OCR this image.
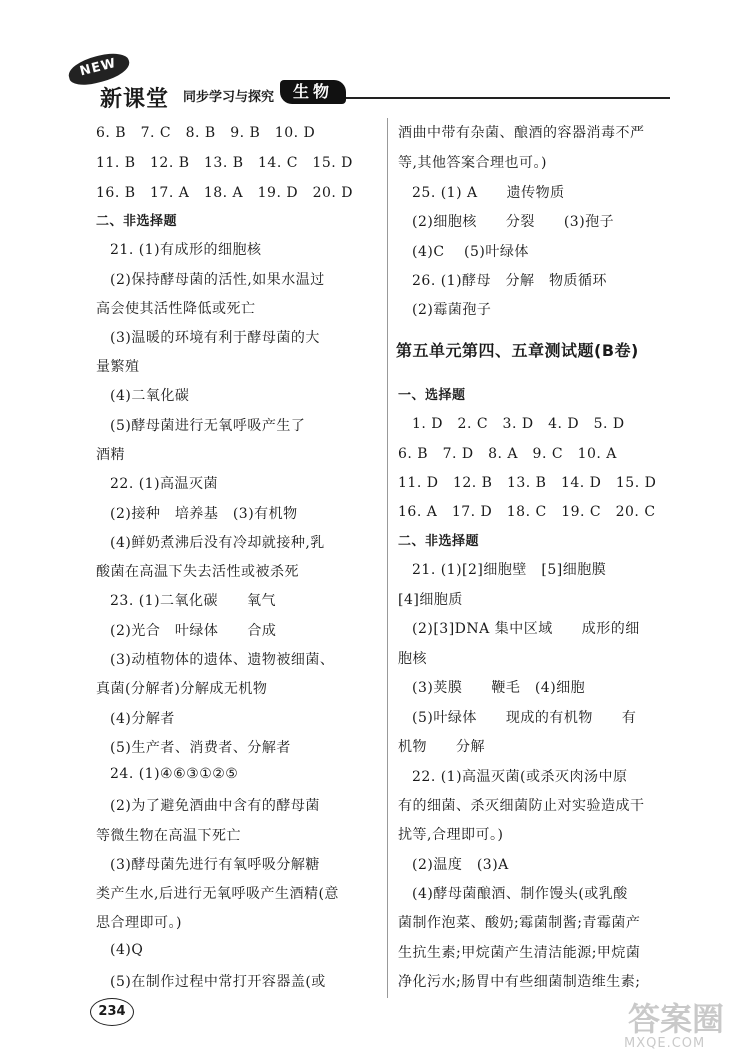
NEW
新课堂 同步学习与探究	生物
6. B　7. C　8. B　9. B　10. D
11. B　12. B　13. B　14. C　15. D
16. B　17. A　18. A　19. D　20. D
二、非选择题
21. (1)有成形的细胞核
(2)保持酵母菌的活性,如果水温过
高会使其活性降低或死亡
(3)温暖的环境有利于酵母菌的大
量繁殖
(4)二氧化碳
(5)酵母菌进行无氧呼吸产生了
酒精
22. (1)高温灭菌
(2)接种　培养基　(3)有机物
(4)鲜奶煮沸后没有冷却就接种,乳
酸菌在高温下失去活性或被杀死
23. (1)二氧化碳　　氧气
(2)光合　叶绿体　　合成
(3)动植物体的遗体、遗物被细菌、
真菌(分解者)分解成无机物
(4)分解者
(5)生产者、消费者、分解者
24. (1)④⑥③①②⑤
(2)为了避免酒曲中含有的酵母菌
等微生物在高温下死亡
(3)酵母菌先进行有氧呼吸分解糖
类产生水,后进行无氧呼吸产生酒精(意
思合理即可。)
(4)Q
(5)在制作过程中常打开容器盖(或
酒曲中带有杂菌、酿酒的容器消毒不严
等,其他答案合理也可。)
25. (1) A　　遗传物质
(2)细胞核　　分裂　　(3)孢子
(4)C　 (5)叶绿体
26. (1)酵母　分解　物质循环
(2)霉菌孢子
第五单元第四、五章测试题(B卷)
一、选择题
1. D　2. C　3. D　4. D　5. D
6. B　7. D　8. A　9. C　10. A
11. D　12. B　13. B　14. D　15. D
16. A　17. D　18. C　19. C　20. C
二、非选择题
21. (1)[2]细胞壁　[5]细胞膜
[4]细胞质
(2)[3]DNA 集中区域　　成形的细
胞核
(3)荚膜　　鞭毛　(4)细胞
(5)叶绿体　　现成的有机物　　有
机物　　分解
22. (1)高温灭菌(或杀灭肉汤中原
有的细菌、杀灭细菌防止对实验造成干
扰等,合理即可。)
(2)温度　(3)A
(4)酵母菌酿酒、制作馒头(或乳酸
菌制作泡菜、酸奶;霉菌制酱;青霉菌产
生抗生素;甲烷菌产生清洁能源;甲烷菌
净化污水;肠胃中有些细菌制造维生素;
234	答案圈
MXQE.COM
